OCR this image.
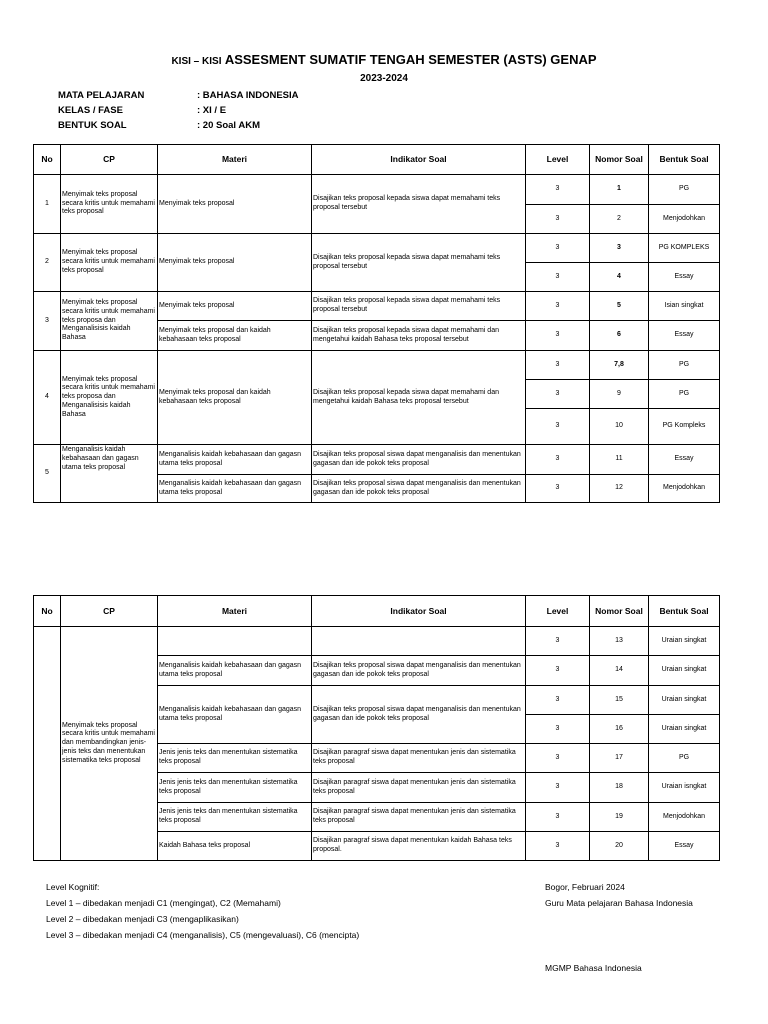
KISI – KISI ASSESMENT SUMATIF TENGAH SEMESTER (ASTS) GENAP
2023-2024
MATA PELAJARAN	: BAHASA INDONESIA
KELAS / FASE	: XI / E
BENTUK SOAL	: 20 Soal AKM
No	CP	Materi	Indikator Soal	Level	Nomor Soal	Bentuk Soal
1	Menyimak teks proposal secara kritis untuk memahami teks proposal	Menyimak teks proposal	Disajikan teks proposal kepada siswa dapat memahami teks proposal tersebut	3	1	PG
				3	2	Menjodohkan
2	Menyimak teks proposal secara kritis untuk memahami teks proposal	Menyimak teks proposal	Disajikan teks proposal kepada siswa dapat memahami teks proposal tersebut	3	3	PG KOMPLEKS
				3	4	Essay
3	Menyimak teks proposal secara kritis untuk memahami teks proposa dan Menganalisisis kaidah Bahasa	Menyimak teks proposal	Disajikan teks proposal kepada siswa dapat memahami teks proposal tersebut	3	5	Isian singkat
		Menyimak teks proposal dan kaidah kebahasaan teks proposal	Disajikan teks proposal kepada siswa dapat memahami dan mengetahui kaidah Bahasa teks proposal tersebut	3	6	Essay
4	Menyimak teks proposal secara kritis untuk memahami teks proposa dan Menganalisisis kaidah Bahasa	Menyimak teks proposal dan kaidah kebahasaan teks proposal	Disajikan teks proposal kepada siswa dapat memahami dan mengetahui kaidah Bahasa teks proposal tersebut	3	7,8	PG
				3	9	PG
				3	10	PG Kompleks
5	Menganalisis kaidah kebahasaan dan gagasn utama teks proposal	Menganalisis kaidah kebahasaan dan gagasn utama teks proposal	Disajikan teks proposal siswa dapat menganalisis dan menentukan gagasan dan ide pokok teks proposal	3	11	Essay
		Menganalisis kaidah kebahasaan dan gagasn utama teks proposal	Disajikan teks proposal siswa dapat menganalisis dan menentukan gagasan dan ide pokok teks proposal	3	12	Menjodohkan
No	CP	Materi	Indikator Soal	Level	Nomor Soal	Bentuk Soal
	Menyimak teks proposal secara kritis untuk memahami dan membandingkan jenis-jenis teks dan menentukan sistematika teks proposal			3	13	Uraian singkat
		Menganalisis kaidah kebahasaan dan gagasn utama teks proposal	Disajikan teks proposal siswa dapat menganalisis dan menentukan gagasan dan ide pokok teks proposal	3	14	Uraian singkat
		Menganalisis kaidah kebahasaan dan gagasn utama teks proposal	Disajikan teks proposal siswa dapat menganalisis dan menentukan gagasan dan ide pokok teks proposal	3	15	Uraian singkat
				3	16	Uraian singkat
		Jenis jenis teks dan menentukan sistematika teks proposal	Disajikan paragraf siswa dapat menentukan jenis dan sistematika teks proposal	3	17	PG
		Jenis jenis teks dan menentukan sistematika teks proposal	Disajikan paragraf siswa dapat menentukan jenis dan sistematika teks proposal	3	18	Uraian isngkat
		Jenis jenis teks dan menentukan sistematika teks proposal	Disajikan paragraf siswa dapat menentukan jenis dan sistematika teks proposal	3	19	Menjodohkan
		Kaidah Bahasa teks proposal	Disajikan paragraf siswa dapat menentukan kaidah Bahasa teks proposal.	3	20	Essay
Level Kognitif:
Level 1 – dibedakan menjadi C1 (mengingat), C2 (Memahami)
Level 2 – dibedakan menjadi C3 (mengaplikasikan)
Level 3 – dibedakan menjadi C4 (menganalisis), C5 (mengevaluasi), C6 (mencipta)
Bogor, Februari 2024
Guru Mata pelajaran Bahasa Indonesia
MGMP Bahasa Indonesia
